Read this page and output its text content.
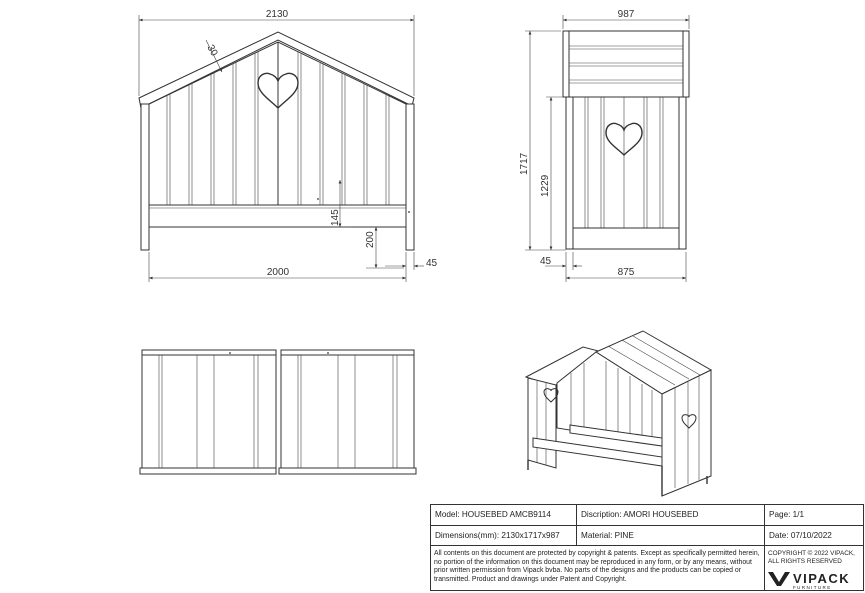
2130
2000
30
145
200
45
987
1717
1229
45
875
Model: HOUSEBED AMCB9114	Discription: AMORI HOUSEBED	Page: 1/1
Dimensions(mm): 2130x1717x987	Material: PINE	Date: 07/10/2022
All contents on this document are protected by copyright & patents. Except as specifically permitted herein, no portion of the information on this document may be reproduced in any form, or by any means, without prior written permission from Vipack bvba. No parts of the designs and the products can be copied or transmitted. Product and drawings under Patent and Copyright.
COPYRIGHT © 2022 VIPACK,
ALL RIGHTS RESERVED
VIPACK
FURNITURE
